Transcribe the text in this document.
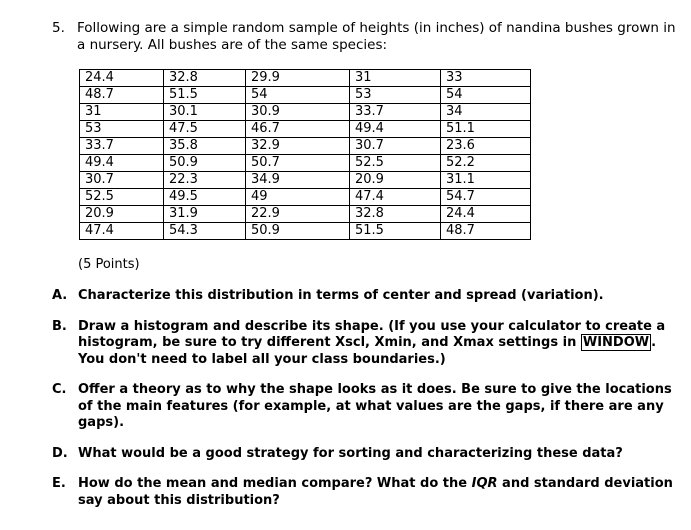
5. Following are a simple random sample of heights (in inches) of nandina bushes grown in a nursery. All bushes are of the same species:
24.4	32.8	29.9	31	33
48.7	51.5	54	53	54
31	30.1	30.9	33.7	34
53	47.5	46.7	49.4	51.1
33.7	35.8	32.9	30.7	23.6
49.4	50.9	50.7	52.5	52.2
30.7	22.3	34.9	20.9	31.1
52.5	49.5	49	47.4	54.7
20.9	31.9	22.9	32.8	24.4
47.4	54.3	50.9	51.5	48.7
(5 Points)
A. Characterize this distribution in terms of center and spread (variation).
B. Draw a histogram and describe its shape. (If you use your calculator to create a histogram, be sure to try different Xscl, Xmin, and Xmax settings in WINDOW . You don't need to label all your class boundaries.)
C. Offer a theory as to why the shape looks as it does. Be sure to give the locations of the main features (for example, at what values are the gaps, if there are any gaps).
D. What would be a good strategy for sorting and characterizing these data?
E. How do the mean and median compare? What do the IQR and standard deviation say about this distribution?
